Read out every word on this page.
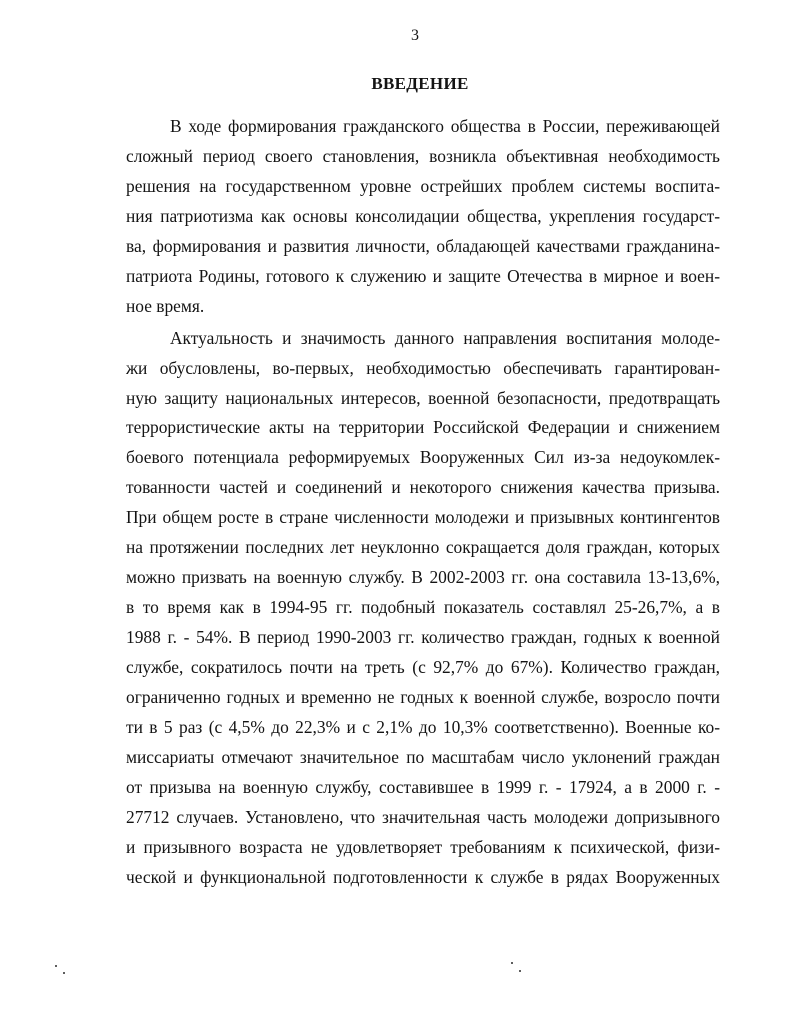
3
ВВЕДЕНИЕ
В ходе формирования гражданского общества в России, переживающей
сложный период своего становления, возникла объективная необходимость
решения на государственном уровне острейших проблем системы воспита-
ния патриотизма как основы консолидации общества, укрепления государст-
ва, формирования и развития личности, обладающей качествами гражданина-
патриота Родины, готового к служению и защите Отечества в мирное и воен-
ное время.
Актуальность и значимость данного направления воспитания молоде-
жи обусловлены, во-первых, необходимостью обеспечивать гарантирован-
ную защиту национальных интересов, военной безопасности, предотвращать
террористические акты на территории Российской Федерации и снижением
боевого потенциала реформируемых Вооруженных Сил из-за недоукомлек-
тованности частей и соединений и некоторого снижения качества призыва.
При общем росте в стране численности молодежи и призывных контингентов
на протяжении последних лет неуклонно сокращается доля граждан, которых
можно призвать на военную службу. В 2002-2003 гг. она составила 13-13,6%,
в то время как в 1994-95 гг. подобный показатель составлял 25-26,7%, а в
1988 г. - 54%. В период 1990-2003 гг. количество граждан, годных к военной
службе, сократилось почти на треть (с 92,7% до 67%). Количество граждан,
ограниченно годных и временно не годных к военной службе, возросло почти
ти в 5 раз (с 4,5% до 22,3% и с 2,1% до 10,3% соответственно). Военные ко-
миссариаты отмечают значительное по масштабам число уклонений граждан
от призыва на военную службу, составившее в 1999 г. - 17924, а в 2000 г. -
27712 случаев. Установлено, что значительная часть молодежи допризывного
и призывного возраста не удовлетворяет требованиям к психической, физи-
ческой и функциональной подготовленности к службе в рядах Вооруженных
